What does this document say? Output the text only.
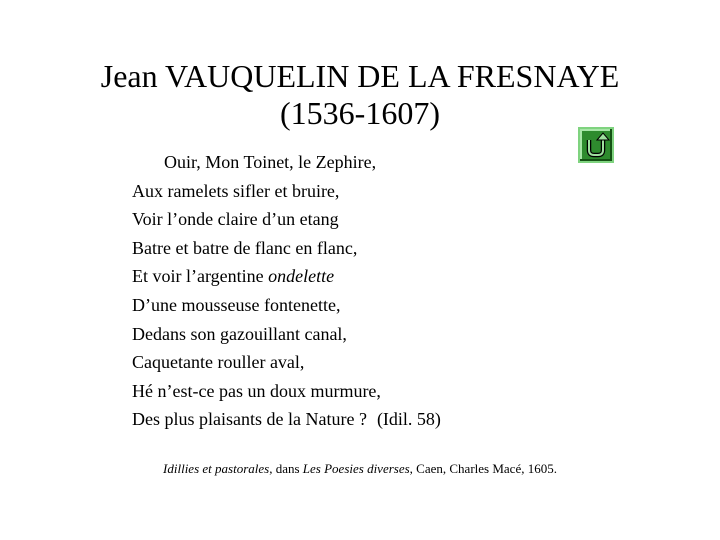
Jean VAUQUELIN DE LA FRESNAYE
(1536-1607)
Ouir, Mon Toinet, le Zephire,
Aux ramelets sifler et bruire,
Voir l’onde claire d’un etang
Batre et batre de flanc en flanc,
Et voir l’argentine ondelette
D’une mousseuse fontenette,
Dedans son gazouillant canal,
Caquetante rouller aval,
Hé n’est-ce pas un doux murmure,
Des plus plaisants de la Nature ? (Idil. 58)
Idillies et pastorales, dans Les Poesies diverses, Caen, Charles Macé, 1605.
